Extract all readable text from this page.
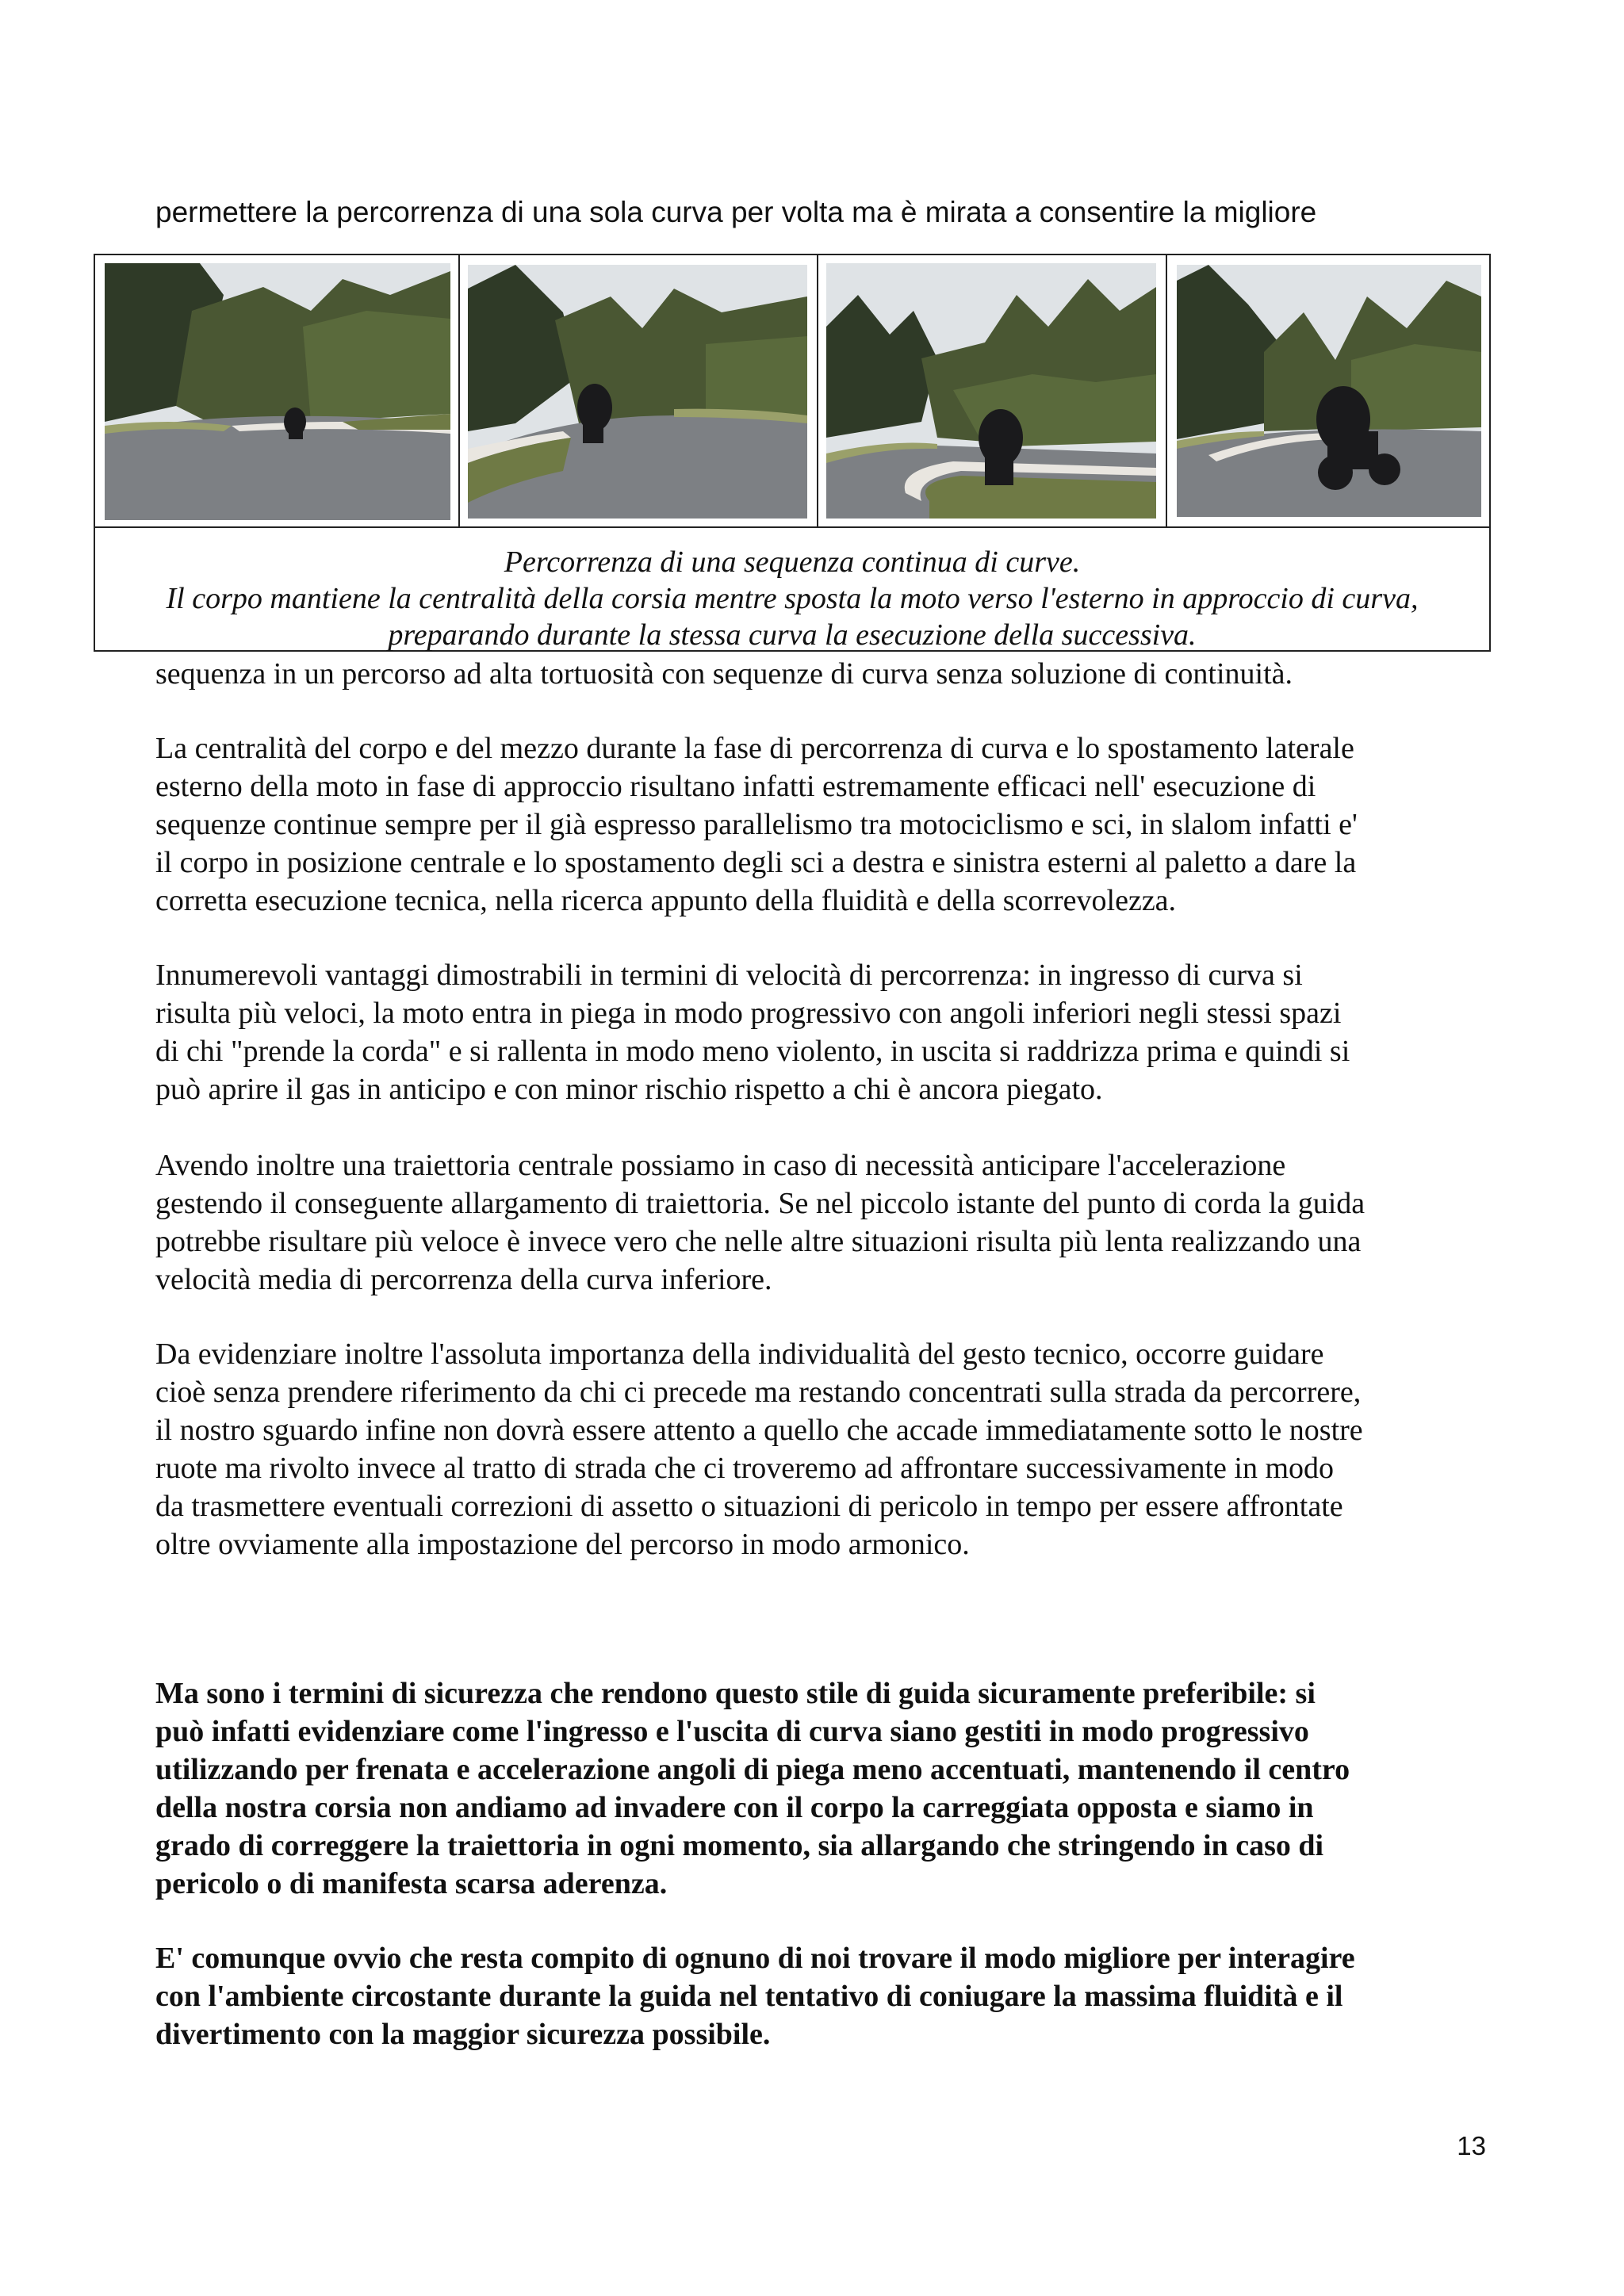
permettere la percorrenza di una sola curva per volta ma è mirata a consentire la migliore
Percorrenza di una sequenza continua di curve.
Il corpo mantiene la centralità della corsia mentre sposta la moto verso l'esterno in approccio di curva,
preparando durante la stessa curva la esecuzione della successiva.
sequenza in un percorso ad alta tortuosità con sequenze di curva senza soluzione di continuità.
La centralità del corpo e del mezzo durante la fase di percorrenza di curva e lo spostamento laterale
esterno della moto in fase di approccio risultano infatti estremamente efficaci nell' esecuzione di
sequenze continue sempre per il già espresso parallelismo tra motociclismo e sci, in slalom infatti e'
il corpo in posizione centrale e lo spostamento degli sci a destra e sinistra esterni al paletto a dare la
corretta esecuzione tecnica, nella ricerca appunto della fluidità e della scorrevolezza.
Innumerevoli vantaggi dimostrabili in termini di velocità di percorrenza: in ingresso di curva si
risulta più veloci, la moto entra in piega in modo progressivo con angoli inferiori negli stessi spazi
di chi "prende la corda" e si rallenta in modo meno violento, in uscita si raddrizza prima e quindi si
può aprire il gas in anticipo e con minor rischio rispetto a chi è ancora piegato.
Avendo inoltre una traiettoria centrale possiamo in caso di necessità anticipare l'accelerazione
gestendo il conseguente allargamento di traiettoria. Se nel piccolo istante del punto di corda la guida
potrebbe risultare più veloce è invece vero che nelle altre situazioni risulta più lenta realizzando una
velocità media di percorrenza della curva inferiore.
Da evidenziare inoltre l'assoluta importanza della individualità del gesto tecnico, occorre guidare
cioè senza prendere riferimento da chi ci precede ma restando concentrati sulla strada da percorrere,
il nostro sguardo infine non dovrà essere attento a quello che accade immediatamente sotto le nostre
ruote ma rivolto invece al tratto di strada che ci troveremo ad affrontare successivamente in modo
da trasmettere eventuali correzioni di assetto o situazioni di pericolo in tempo per essere affrontate
oltre ovviamente alla impostazione del percorso in modo armonico.
Ma sono i termini di sicurezza che rendono questo stile di guida sicuramente preferibile: si
può infatti evidenziare come l'ingresso e l'uscita di curva siano gestiti in modo progressivo
utilizzando per frenata e accelerazione angoli di piega meno accentuati, mantenendo il centro
della nostra corsia non andiamo ad invadere con il corpo la carreggiata opposta e siamo in
grado di correggere la traiettoria in ogni momento, sia allargando che stringendo in caso di
pericolo o di manifesta scarsa aderenza.
E' comunque ovvio che resta compito di ognuno di noi trovare il modo migliore per interagire
con l'ambiente circostante durante la guida nel tentativo di coniugare la massima fluidità e il
divertimento con la maggior sicurezza possibile.
13
